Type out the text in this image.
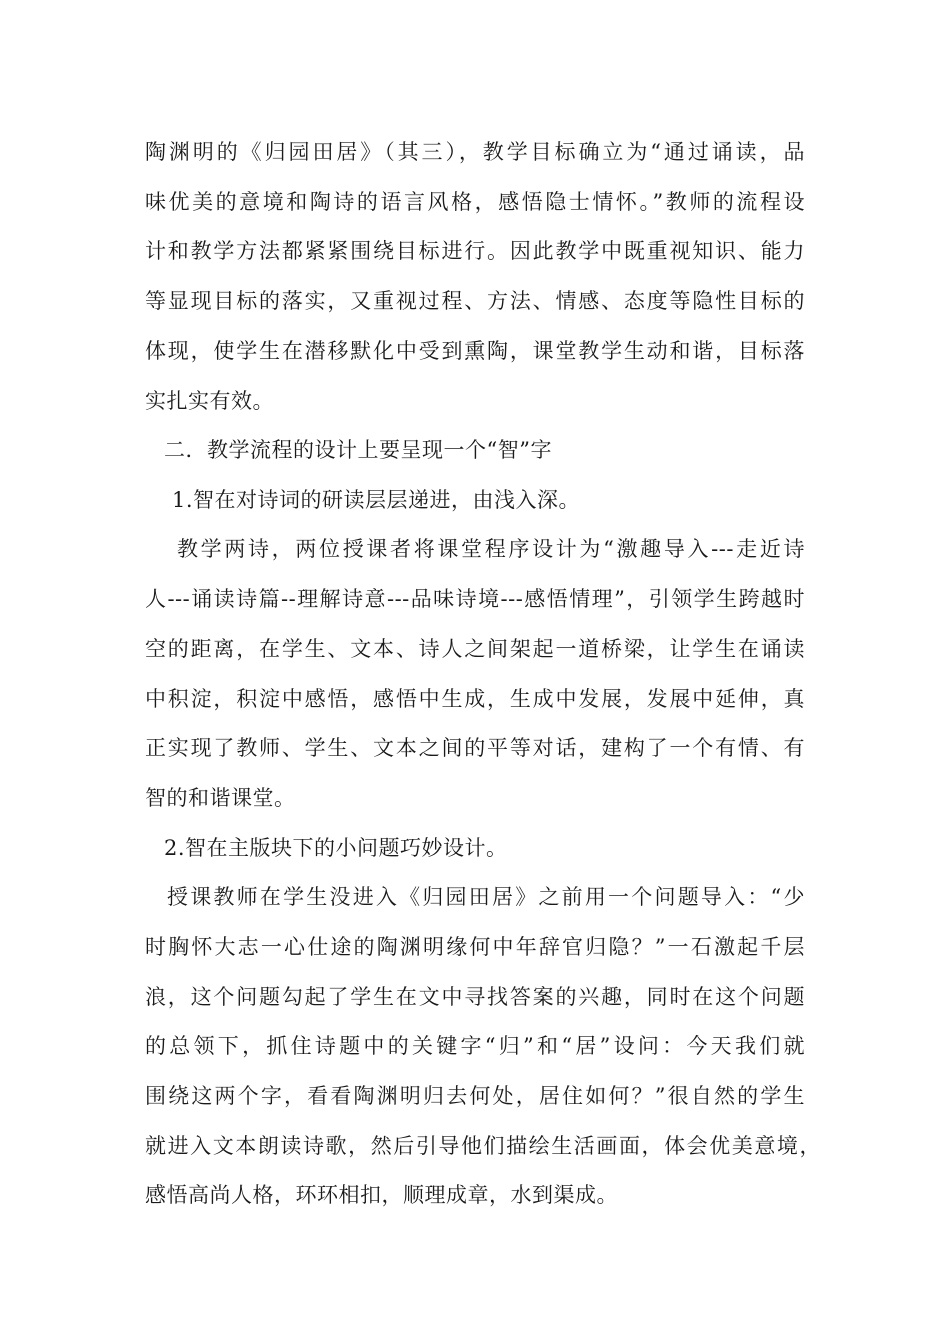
陶渊明的《归园田居》（其三），教学目标确立为“通过诵读，品
味优美的意境和陶诗的语言风格，感悟隐士情怀。”教师的流程设
计和教学方法都紧紧围绕目标进行。因此教学中既重视知识、能力
等显现目标的落实，又重视过程、方法、情感、态度等隐性目标的
体现，使学生在潜移默化中受到熏陶，课堂教学生动和谐，目标落
实扎实有效。
二．教学流程的设计上要呈现一个“智”字
1.智在对诗词的研读层层递进，由浅入深。
教学两诗，两位授课者将课堂程序设计为“激趣导入---走近诗
人---诵读诗篇--理解诗意---品味诗境---感悟情理”，引领学生跨越时
空的距离，在学生、文本、诗人之间架起一道桥梁，让学生在诵读
中积淀，积淀中感悟，感悟中生成，生成中发展，发展中延伸，真
正实现了教师、学生、文本之间的平等对话，建构了一个有情、有
智的和谐课堂。
2.智在主版块下的小问题巧妙设计。
授课教师在学生没进入《归园田居》之前用一个问题导入：“少
时胸怀大志一心仕途的陶渊明缘何中年辞官归隐？”一石激起千层
浪，这个问题勾起了学生在文中寻找答案的兴趣，同时在这个问题
的总领下，抓住诗题中的关键字“归”和“居”设问：今天我们就
围绕这两个字，看看陶渊明归去何处，居住如何？”很自然的学生
就进入文本朗读诗歌，然后引导他们描绘生活画面，体会优美意境，
感悟高尚人格，环环相扣，顺理成章，水到渠成。
